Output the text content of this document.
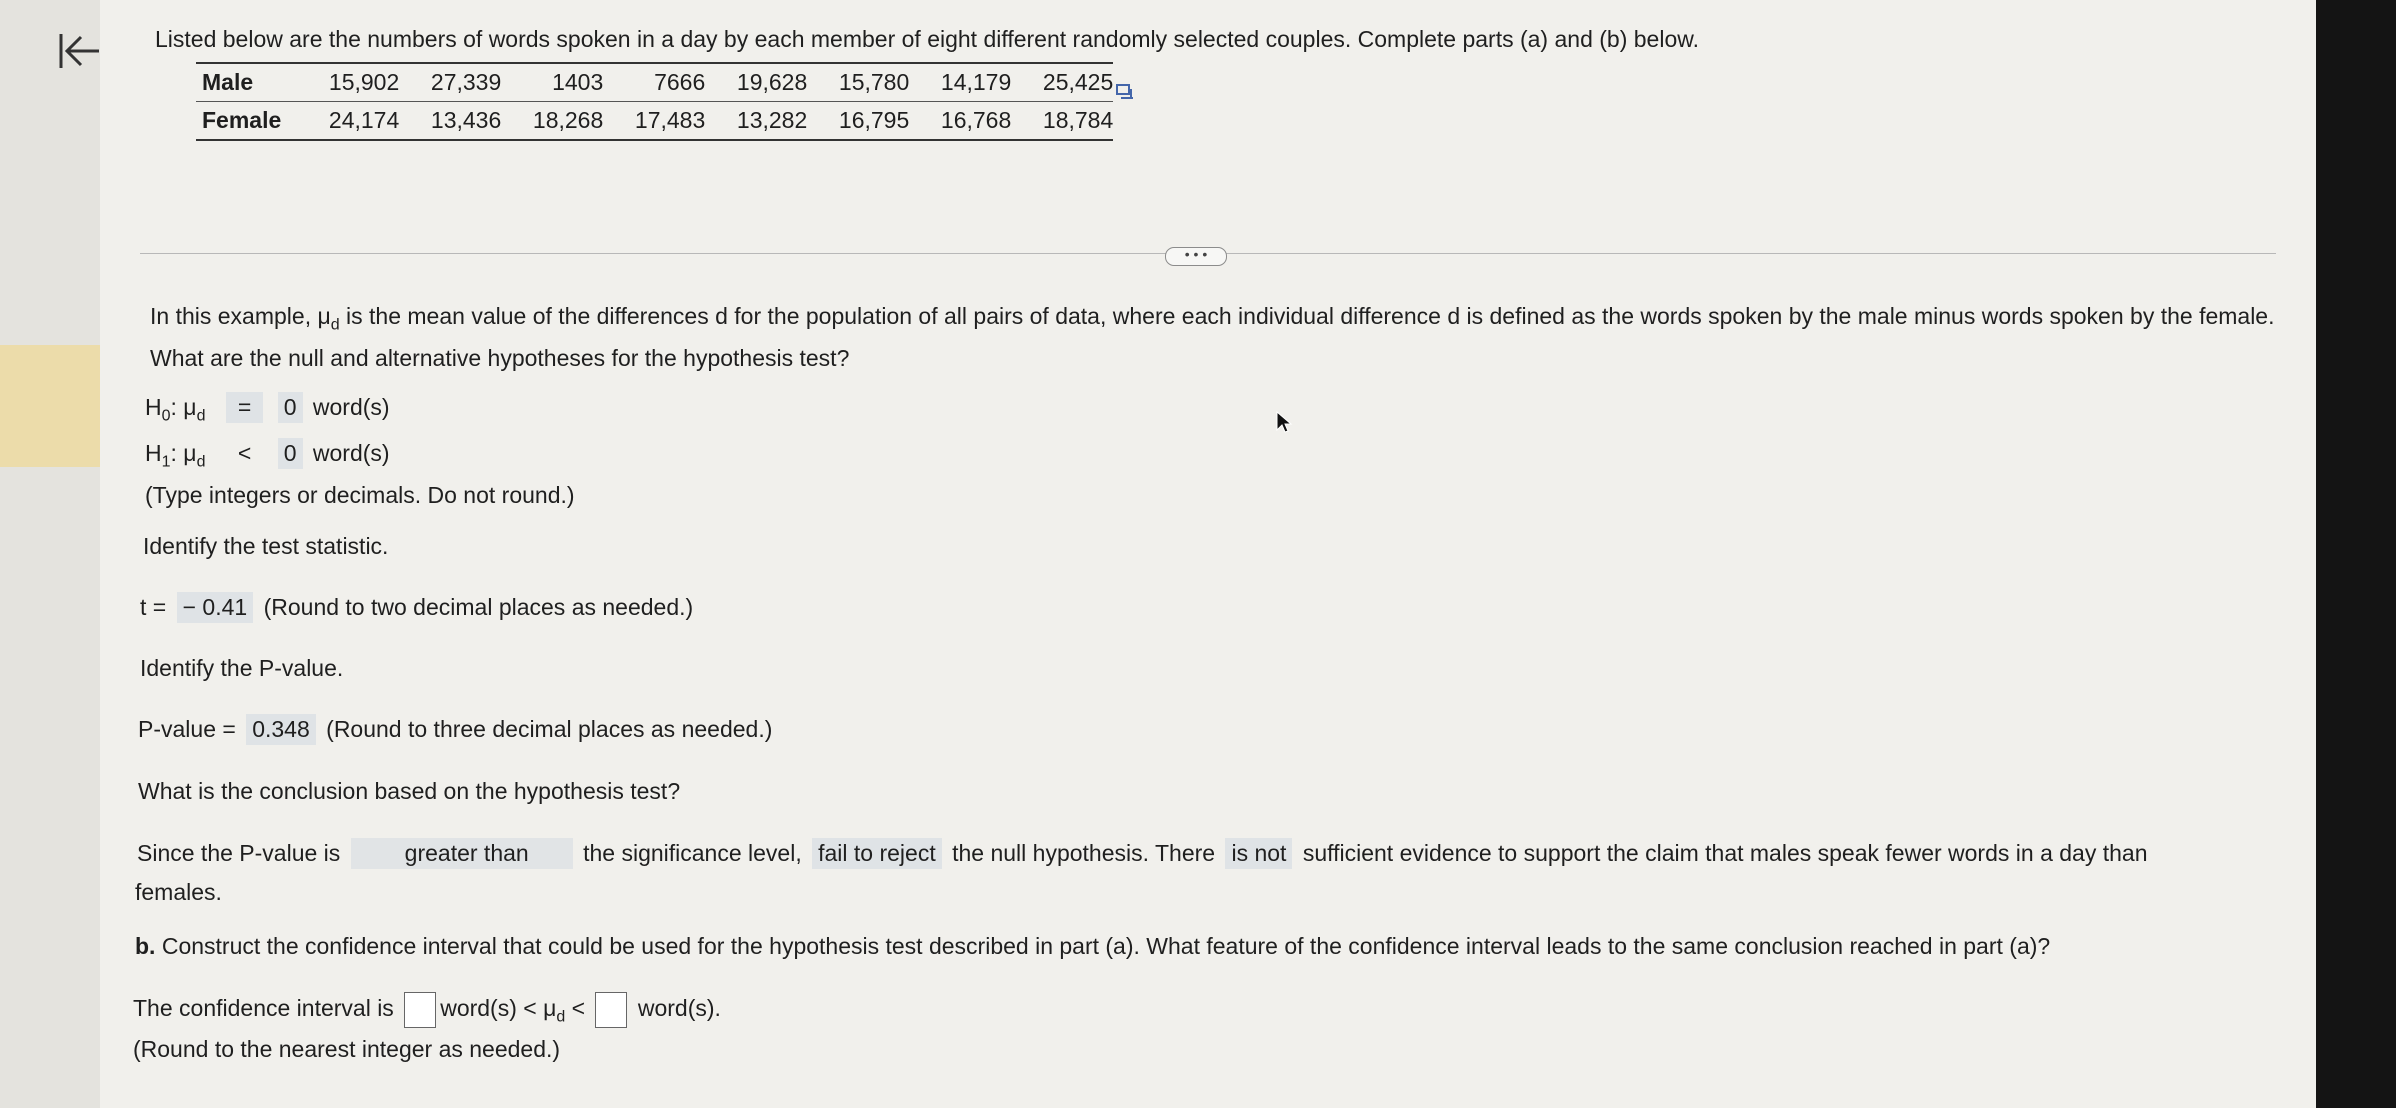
Listed below are the numbers of words spoken in a day by each member of eight different randomly selected couples. Complete parts (a) and (b) below.
Male	15,902	27,339	1403	7666	19,628	15,780	14,179	25,425
Female	24,174	13,436	18,268	17,483	13,282	16,795	16,768	18,784
• • •
In this example, $\mu_d$ is the mean value of the differences d for the population of all pairs of data, where each individual difference d is defined as the words spoken by the male minus words spoken by the female. What are the null and alternative hypotheses for the hypothesis test?
$H_0$: $\mu_d = 0$ word(s)
$H_1$: $\mu_d < 0$ word(s)
(Type integers or decimals. Do not round.)
Identify the test statistic.
t = − 0.41 (Round to two decimal places as needed.)
Identify the P-value.
P-value = 0.348 (Round to three decimal places as needed.)
What is the conclusion based on the hypothesis test?
Since the P-value is	greater than the significance level, fail to reject the null hypothesis. There is not sufficient evidence to support the claim that males speak fewer words in a day than
females.
b. Construct the confidence interval that could be used for the hypothesis test described in part (a). What feature of the confidence interval leads to the same conclusion reached in part (a)?
The confidence interval is word(s) < $\mu_d$ < word(s).
(Round to the nearest integer as needed.)
